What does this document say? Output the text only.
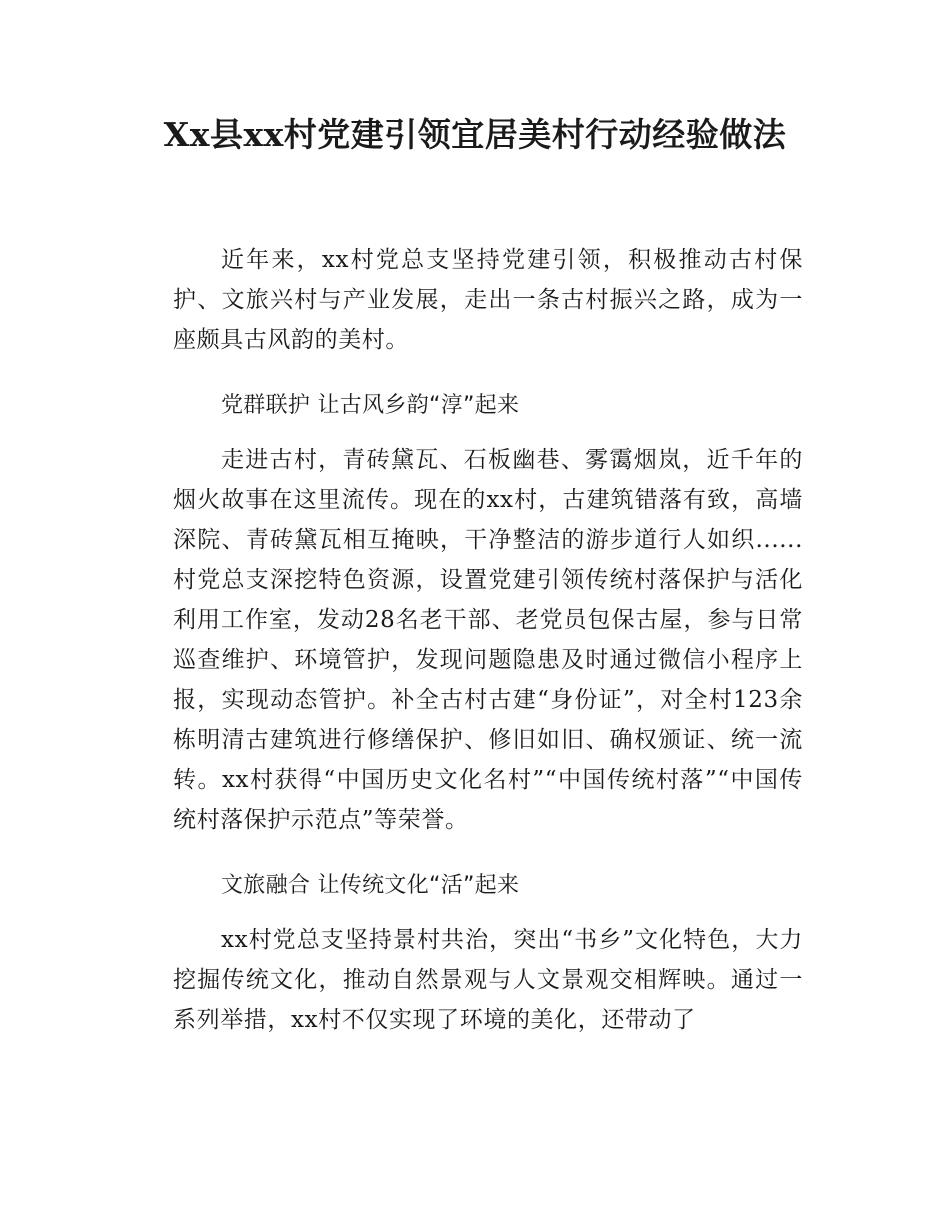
Xx县xx村党建引领宜居美村行动经验做法

近年来，xx村党总支坚持党建引领，积极推动古村保护、文旅兴村与产业发展，走出一条古村振兴之路，成为一座颇具古风韵的美村。

党群联护 让古风乡韵“淳”起来

走进古村，青砖黛瓦、石板幽巷、雾霭烟岚，近千年的烟火故事在这里流传。现在的xx村，古建筑错落有致，高墙深院、青砖黛瓦相互掩映，干净整洁的游步道行人如织......村党总支深挖特色资源，设置党建引领传统村落保护与活化利用工作室，发动28名老干部、老党员包保古屋，参与日常巡查维护、环境管护，发现问题隐患及时通过微信小程序上报，实现动态管护。补全古村古建“身份证”，对全村123余栋明清古建筑进行修缮保护、修旧如旧、确权颁证、统一流转。xx村获得“中国历史文化名村”“中国传统村落”“中国传统村落保护示范点”等荣誉。

文旅融合 让传统文化“活”起来

xx村党总支坚持景村共治，突出“书乡”文化特色，大力挖掘传统文化，推动自然景观与人文景观交相辉映。通过一系列举措，xx村不仅实现了环境的美化，还带动了
